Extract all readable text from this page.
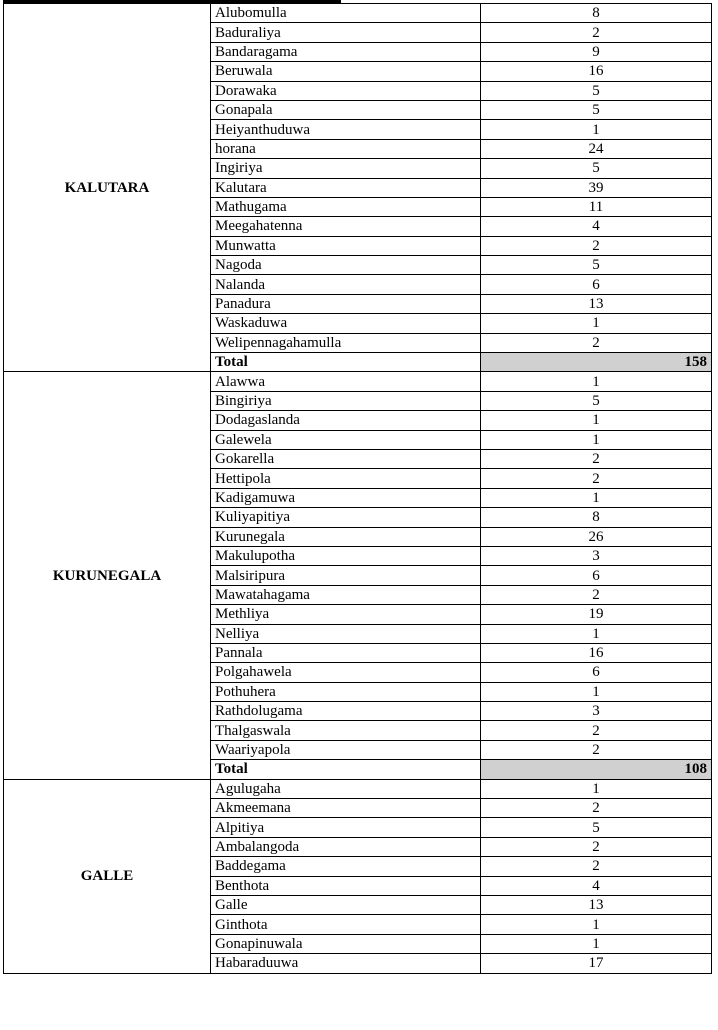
KALUTARA	Alubomulla	8
	Baduraliya	2
	Bandaragama	9
	Beruwala	16
	Dorawaka	5
	Gonapala	5
	Heiyanthuduwa	1
	horana	24
	Ingiriya	5
	Kalutara	39
	Mathugama	11
	Meegahatenna	4
	Munwatta	2
	Nagoda	5
	Nalanda	6
	Panadura	13
	Waskaduwa	1
	Welipennagahamulla	2
	Total	158
KURUNEGALA	Alawwa	1
	Bingiriya	5
	Dodagaslanda	1
	Galewela	1
	Gokarella	2
	Hettipola	2
	Kadigamuwa	1
	Kuliyapitiya	8
	Kurunegala	26
	Makulupotha	3
	Malsiripura	6
	Mawatahagama	2
	Methliya	19
	Nelliya	1
	Pannala	16
	Polgahawela	6
	Pothuhera	1
	Rathdolugama	3
	Thalgaswala	2
	Waariyapola	2
	Total	108
GALLE	Agulugaha	1
	Akmeemana	2
	Alpitiya	5
	Ambalangoda	2
	Baddegama	2
	Benthota	4
	Galle	13
	Ginthota	1
	Gonapinuwala	1
	Habaraduuwa	17
